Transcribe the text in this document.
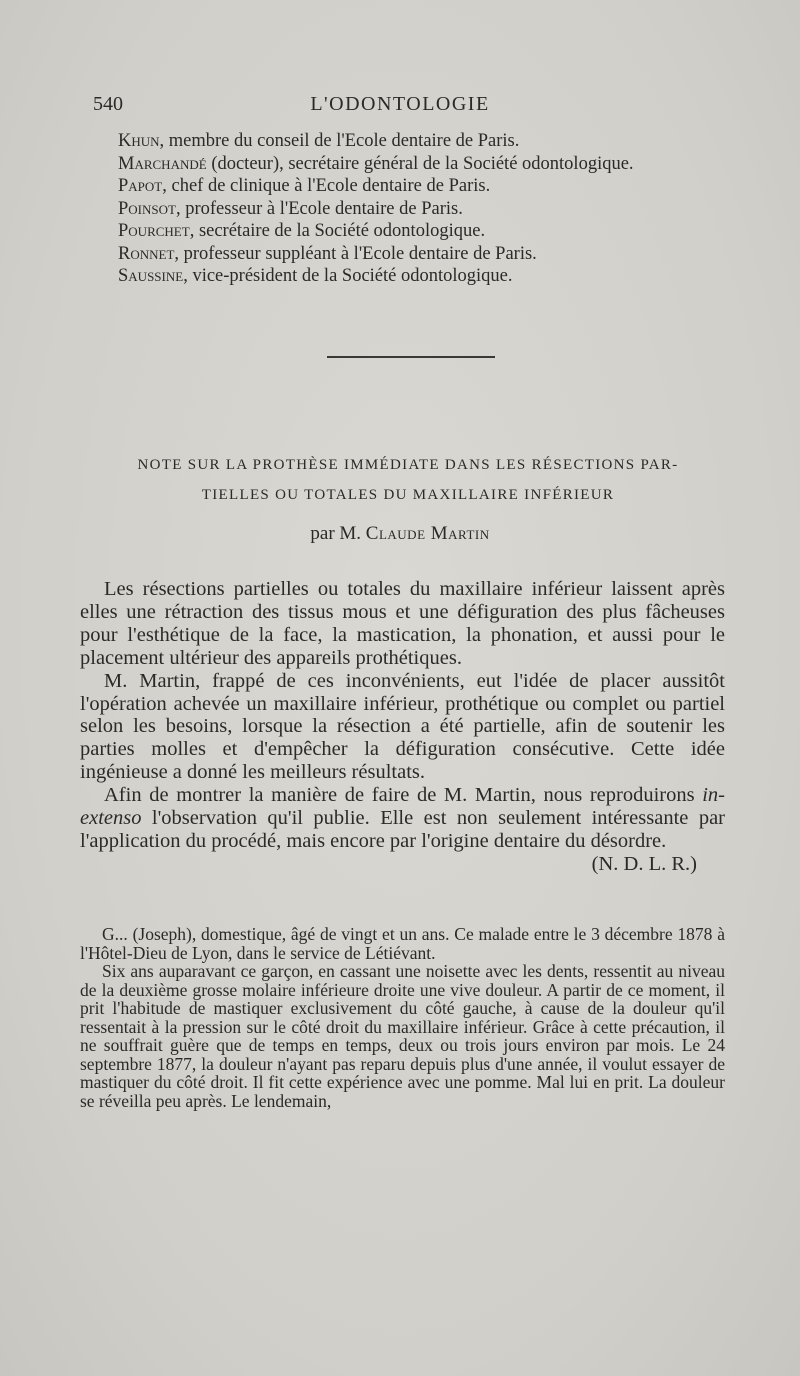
540	L'ODONTOLOGIE

Khun, membre du conseil de l'Ecole dentaire de Paris.

Marchandé (docteur), secrétaire général de la Société odontologique.

Papot, chef de clinique à l'Ecole dentaire de Paris.

Poinsot, professeur à l'Ecole dentaire de Paris.

Pourchet, secrétaire de la Société odontologique.

Ronnet, professeur suppléant à l'Ecole dentaire de Paris.

Saussine, vice-président de la Société odontologique.

NOTE SUR LA PROTHÈSE IMMÉDIATE DANS LES RÉSECTIONS PAR-
TIELLES OU TOTALES DU MAXILLAIRE INFÉRIEUR
par M. Claude Martin

Les résections partielles ou totales du maxillaire inférieur laissent après elles une rétraction des tissus mous et une défiguration des plus fâcheuses pour l'esthétique de la face, la mastication, la phonation, et aussi pour le placement ultérieur des appareils prothétiques.

M. Martin, frappé de ces inconvénients, eut l'idée de placer aussitôt l'opération achevée un maxillaire inférieur, prothétique ou complet ou partiel selon les besoins, lorsque la résection a été partielle, afin de soutenir les parties molles et d'empêcher la défiguration consécutive. Cette idée ingénieuse a donné les meilleurs résultats.

Afin de montrer la manière de faire de M. Martin, nous reproduirons in-extenso l'observation qu'il publie. Elle est non seulement intéressante par l'application du procédé, mais encore par l'origine dentaire du désordre.
(N. D. L. R.)

G... (Joseph), domestique, âgé de vingt et un ans. Ce malade entre le 3 décembre 1878 à l'Hôtel-Dieu de Lyon, dans le service de Létiévant.

Six ans auparavant ce garçon, en cassant une noisette avec les dents, ressentit au niveau de la deuxième grosse molaire inférieure droite une vive douleur. A partir de ce moment, il prit l'habitude de mastiquer exclusivement du côté gauche, à cause de la douleur qu'il ressentait à la pression sur le côté droit du maxillaire inférieur. Grâce à cette précaution, il ne souffrait guère que de temps en temps, deux ou trois jours environ par mois. Le 24 septembre 1877, la douleur n'ayant pas reparu depuis plus d'une année, il voulut essayer de mastiquer du côté droit. Il fit cette expérience avec une pomme. Mal lui en prit. La douleur se réveilla peu après. Le lendemain,
